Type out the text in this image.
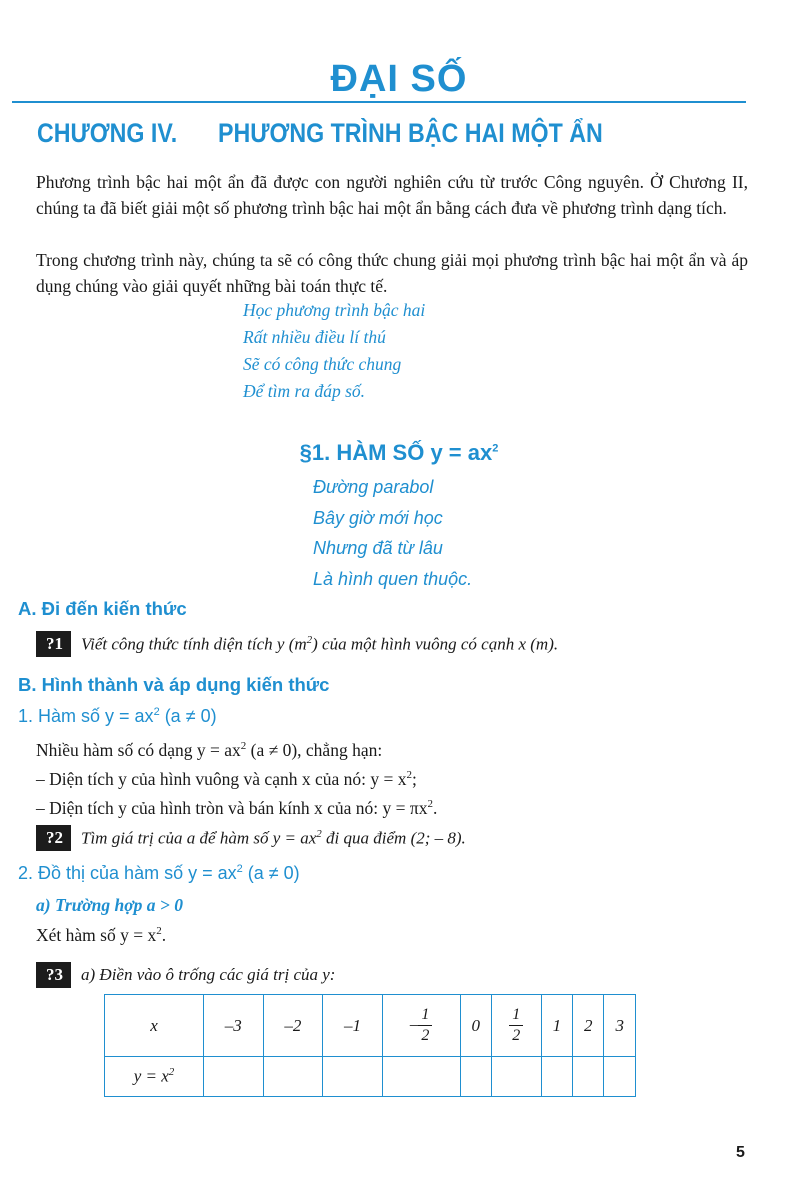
ĐẠI SỐ
CHƯƠNG IV. PHƯƠNG TRÌNH BẬC HAI MỘT ẨN
Phương trình bậc hai một ẩn đã được con người nghiên cứu từ trước Công nguyên. Ở Chương II, chúng ta đã biết giải một số phương trình bậc hai một ẩn bằng cách đưa về phương trình dạng tích.
Trong chương trình này, chúng ta sẽ có công thức chung giải mọi phương trình bậc hai một ẩn và áp dụng chúng vào giải quyết những bài toán thực tế.
Học phương trình bậc hai
Rất nhiều điều lí thú
Sẽ có công thức chung
Để tìm ra đáp số.
§1. HÀM SỐ $y = ax^2$
Đường parabol
Bây giờ mới học
Nhưng đã từ lâu
Là hình quen thuộc.
A. Đi đến kiến thức
?1	Viết công thức tính diện tích y $(m^2)$ của một hình vuông có cạnh x (m).
B. Hình thành và áp dụng kiến thức
1. Hàm số $y = ax^2$ (a ≠ 0)
Nhiều hàm số có dạng $y = ax^2$ (a ≠ 0), chẳng hạn:
– Diện tích y của hình vuông và cạnh x của nó: $y = x^2$;
– Diện tích y của hình tròn và bán kính x của nó: $y = \pi x^2$.
?2	Tìm giá trị của a để hàm số $y = ax^2$ đi qua điểm (2; – 8).
2. Đồ thị của hàm số $y = ax^2$ (a ≠ 0)
a) Trường hợp a > 0
Xét hàm số $y = x^2$.
?3	a) Điền vào ô trống các giá trị của y:
x	–3	–2	–1	– $\frac{1}{2}$	0	$\frac{1}{2}$	1	2	3
$y = x^2$									
5
